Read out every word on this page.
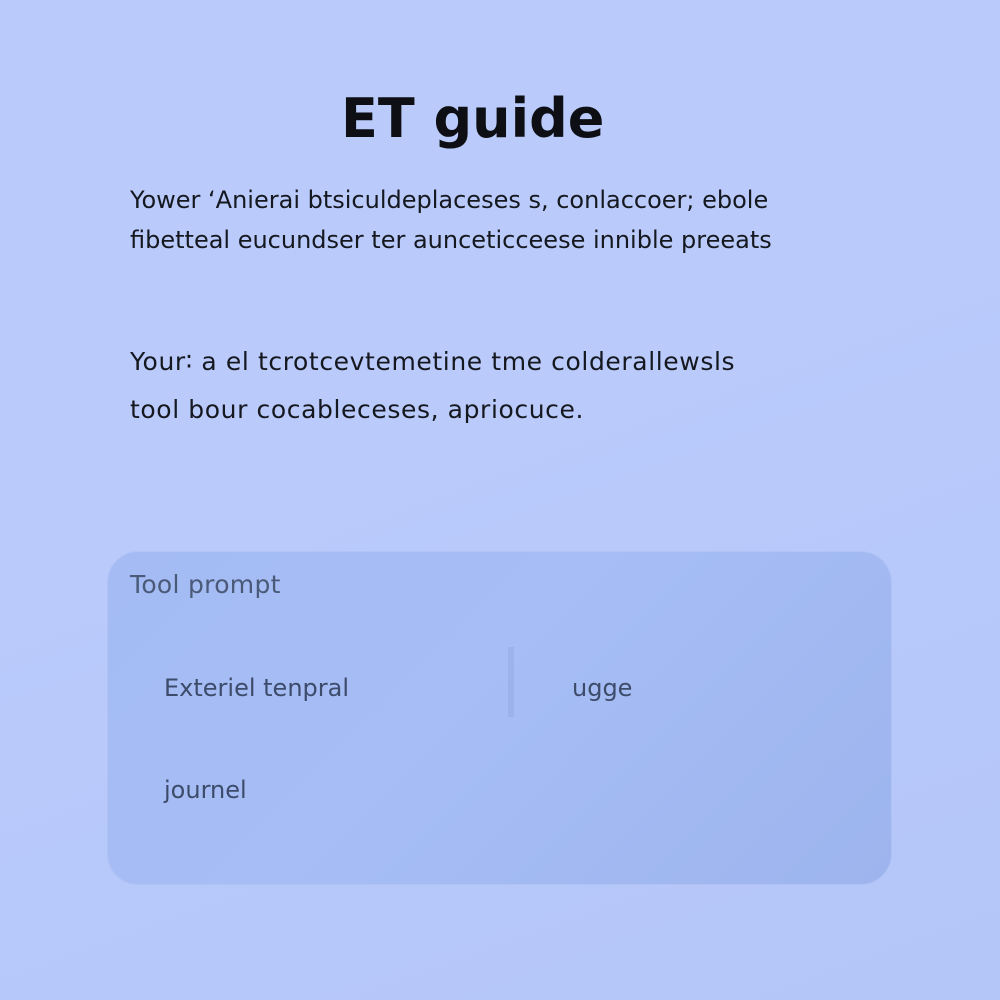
ET guide

Yower ‘Anierai btsiculdeplaceses s, conlaccoer; ebole
fibetteal eucundser ter aunceticceese innible preeats

Your∶ a el tcrotcevtemetine tme colderallewsls
tool bour cocableceses, apriocuce.

Tool prompt
Exteriel tenpral	ugge
journel
